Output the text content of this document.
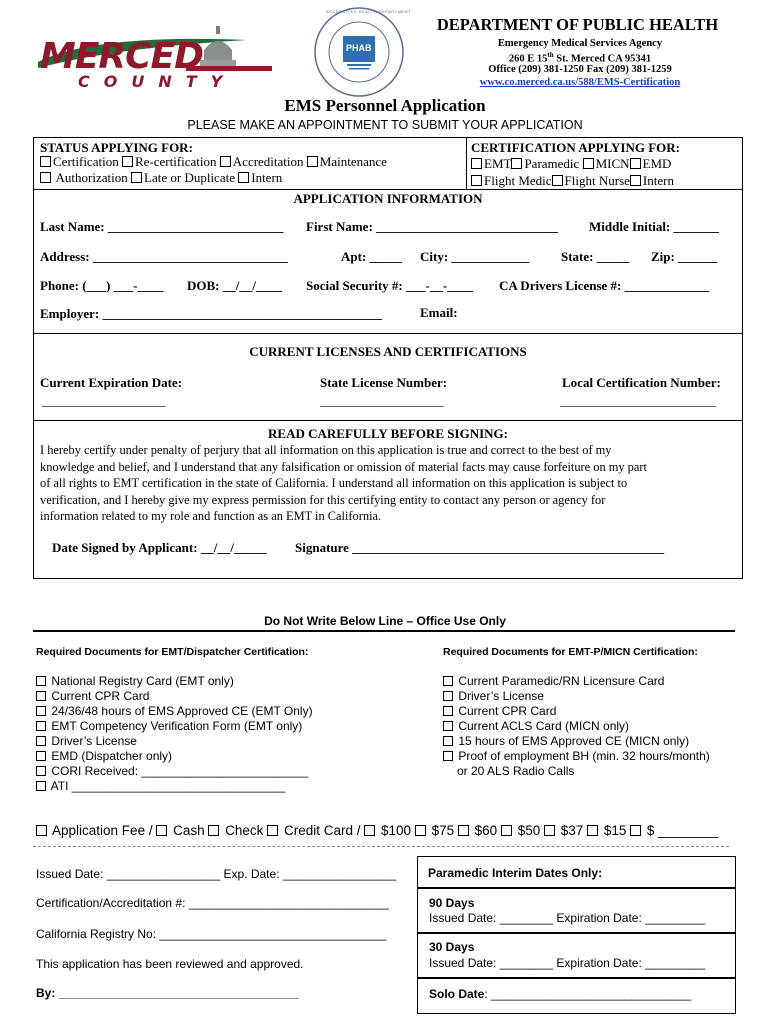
MERCED
COUNTY
PHAB
ACCREDITED HEALTH DEPARTMENT
DEPARTMENT OF PUBLIC HEALTH
Emergency Medical Services Agency
260 E 15th St. Merced CA 95341
Office (209) 381-1250 Fax (209) 381-1259
www.co.merced.ca.us/588/EMS-Certification
EMS Personnel Application
PLEASE MAKE AN APPOINTMENT TO SUBMIT YOUR APPLICATION
STATUS APPLYING FOR:
Certification Re-certification Accreditation Maintenance
Authorization Late or Duplicate Intern
CERTIFICATION APPLYING FOR:
EMT Paramedic MICN EMD
Flight Medic Flight Nurse Intern
APPLICATION INFORMATION
Last Name: ___________________________ First Name: ____________________________ Middle Initial: _______
Address: ______________________________	Apt: _____ City: ____________ State: _____ Zip: ______
Phone: (___) ___-____ DOB: __/__/____ Social Security #: ___-__-____ CA Drivers License #: _____________
Employer: ___________________________________________	Email:
CURRENT LICENSES AND CERTIFICATIONS
Current Expiration Date:	State License Number:	Local Certification Number:
___________________	___________________	________________________
READ CAREFULLY BEFORE SIGNING:
I hereby certify under penalty of perjury that all information on this application is true and correct to the best of my
knowledge and belief, and I understand that any falsification or omission of material facts may cause forfeiture on my part
of all rights to EMT certification in the state of California. I understand all information on this application is subject to
verification, and I hereby give my express permission for this certifying entity to contact any person or agency for
information related to my role and function as an EMT in California.
Date Signed by Applicant: __/__/_____ Signature ________________________________________________
Do Not Write Below Line – Office Use Only
Required Documents for EMT/Dispatcher Certification:	Required Documents for EMT-P/MICN Certification:
National Registry Card (EMT only)
Current CPR Card
24/36/48 hours of EMS Approved CE (EMT Only)
EMT Competency Verification Form (EMT only)
Driver’s License
EMD (Dispatcher only)
CORI Received: _________________________
ATI ________________________________
Current Paramedic/RN Licensure Card
Driver’s License
Current CPR Card
Current ACLS Card (MICN only)
15 hours of EMS Approved CE (MICN only)
Proof of employment BH (min. 32 hours/month)
or 20 ALS Radio Calls
Application Fee / Cash Check Credit Card / $100 $75 $60 $50 $37 $15 $ ________
Issued Date: _________________ Exp. Date: _________________
Certification/Accreditation #: ______________________________
California Registry No: __________________________________
This application has been reviewed and approved.
By: ____________________________________
Paramedic Interim Dates Only:
90 Days
Issued Date: ________ Expiration Date: _________
30 Days
Issued Date: ________ Expiration Date: _________
Solo Date: ______________________________
